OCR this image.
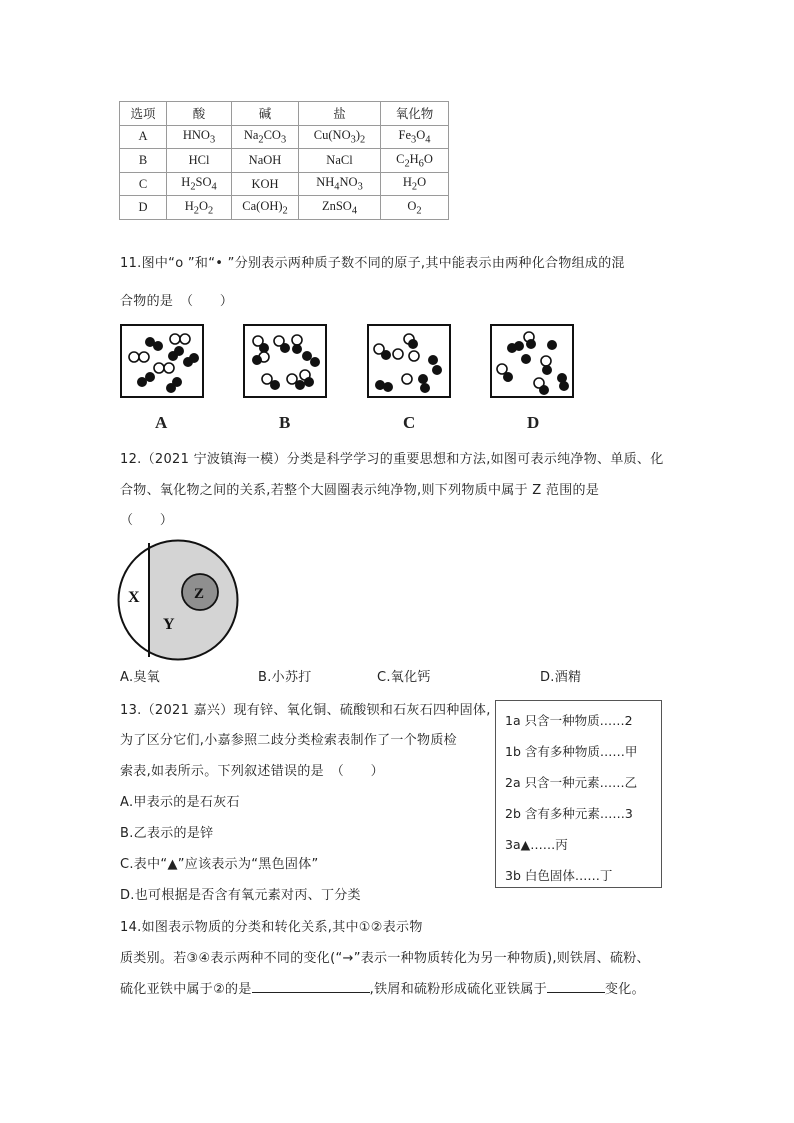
选项	酸	碱	盐	氧化物
A	$HNO_3$	$Na_2CO_3$	$Cu(NO_3)_2$	$Fe_3O_4$
B	HCl	NaOH	NaCl	$C_2H_6O$
C	$H_2SO_4$	KOH	$NH_4NO_3$	$H_2O$
D	$H_2O_2$	$Ca(OH)_2$	ZnSO$_4$	$O_2$
11.图中“o ”和“• ”分别表示两种质子数不同的原子,其中能表示由两种化合物组成的混
合物的是　（　　）
A	B	C	D
12.（2021 宁波镇海一模）分类是科学学习的重要思想和方法,如图可表示纯净物、单质、化
合物、氧化物之间的关系,若整个大圆圈表示纯净物,则下列物质中属于 Z 范围的是
（　　）
X
Y
Z
A.臭氧	B.小苏打	C.氧化钙	D.酒精
13.（2021 嘉兴）现有锌、氧化铜、硫酸钡和石灰石四种固体,
为了区分它们,小嘉参照二歧分类检索表制作了一个物质检
索表,如表所示。下列叙述错误的是　（　　）
A.甲表示的是石灰石
B.乙表示的是锌
C.表中“▲”应该表示为“黑色固体”
D.也可根据是否含有氧元素对丙、丁分类
1a 只含一种物质……2
1b 含有多种物质……甲
2a 只含一种元素……乙
2b 含有多种元素……3
3a▲……丙
3b 白色固体……丁
14.如图表示物质的分类和转化关系,其中①②表示物
质类别。若③④表示两种不同的变化(“→”表示一种物质转化为另一种物质),则铁屑、硫粉、
硫化亚铁中属于②的是	,铁屑和硫粉形成硫化亚铁属于	变化。
